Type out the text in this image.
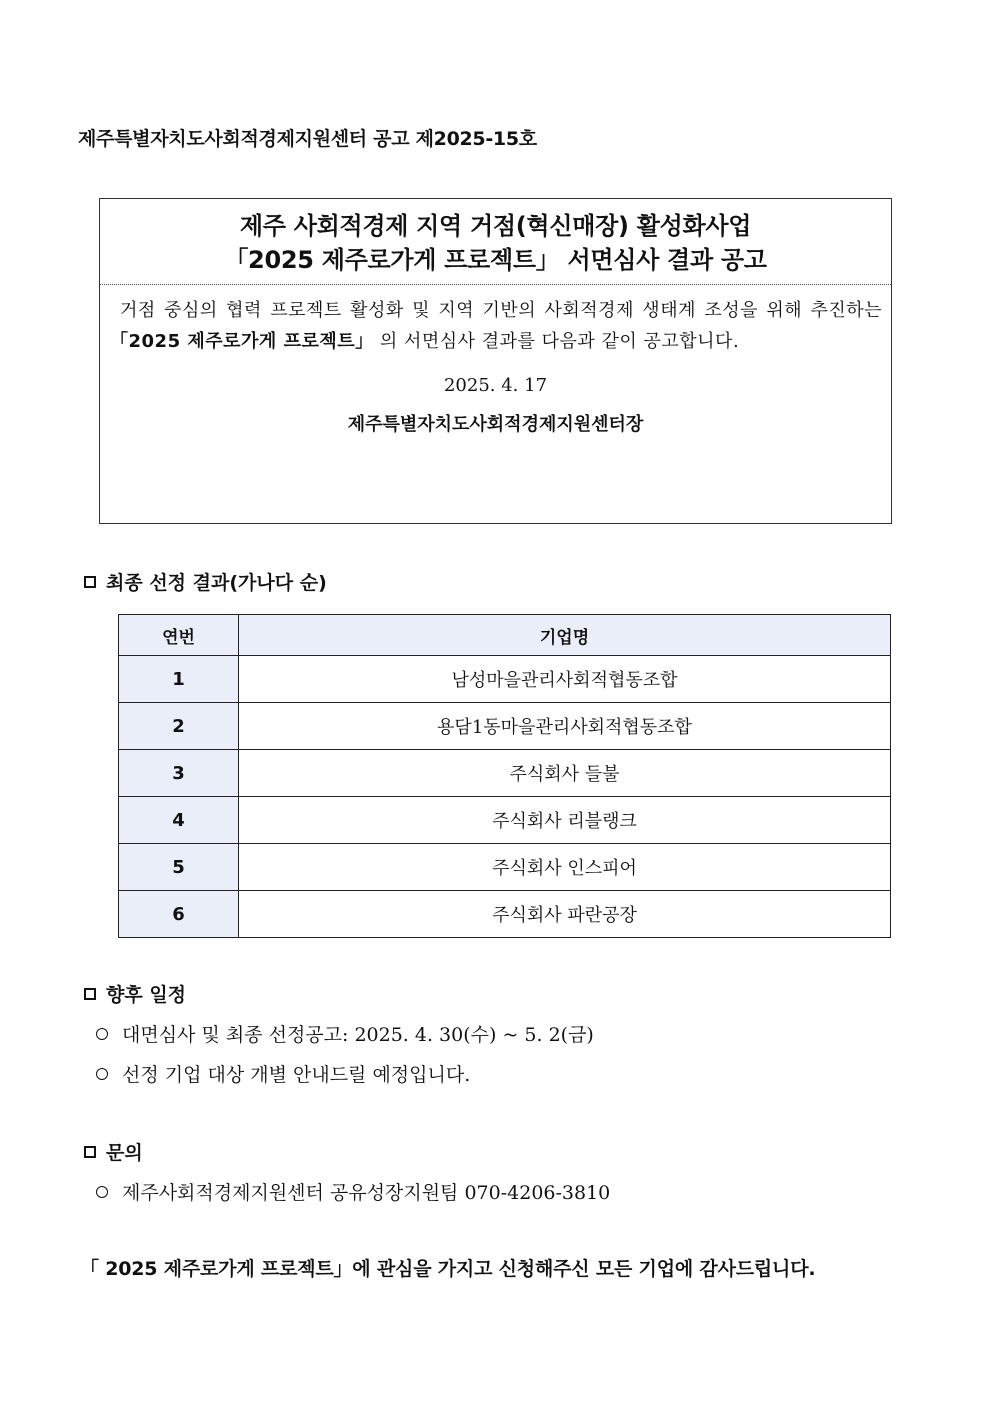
제주특별자치도사회적경제지원센터 공고 제2025-15호
제주 사회적경제 지역 거점(혁신매장) 활성화사업
「2025 제주로가게 프로젝트」 서면심사 결과 공고
거점 중심의 협력 프로젝트 활성화 및 지역 기반의 사회적경제 생태계 조성을 위해 추진하는 「2025 제주로가게 프로젝트」 의 서면심사 결과를 다음과 같이 공고합니다.
2025. 4. 17
제주특별자치도사회적경제지원센터장
최종 선정 결과(가나다 순)
연번	기업명
1	남성마을관리사회적협동조합
2	용담1동마을관리사회적협동조합
3	주식회사 들불
4	주식회사 리블랭크
5	주식회사 인스피어
6	주식회사 파란공장
향후 일정
대면심사 및 최종 선정공고: 2025. 4. 30(수) ~ 5. 2(금)
선정 기업 대상 개별 안내드릴 예정입니다.
문의
제주사회적경제지원센터 공유성장지원팀 070-4206-3810
「 2025 제주로가게 프로젝트」에 관심을 가지고 신청해주신 모든 기업에 감사드립니다.
